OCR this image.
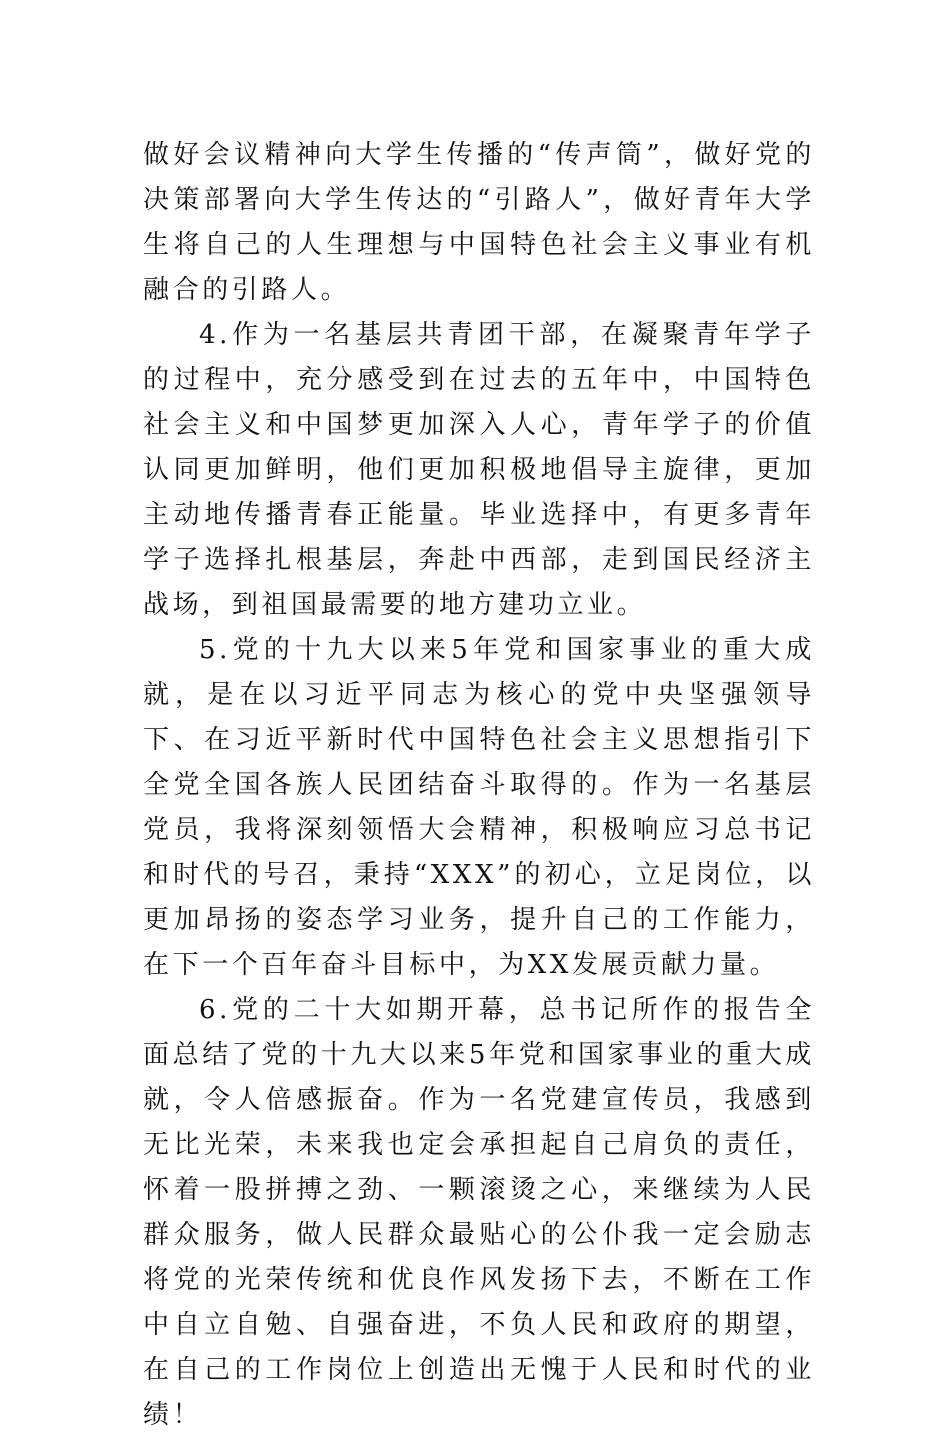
做好会议精神向大学生传播的“传声筒”，做好党的决策部署向大学生传达的“引路人”，做好青年大学生将自己的人生理想与中国特色社会主义事业有机融合的引路人。

4.作为一名基层共青团干部，在凝聚青年学子的过程中，充分感受到在过去的五年中，中国特色社会主义和中国梦更加深入人心，青年学子的价值认同更加鲜明，他们更加积极地倡导主旋律，更加主动地传播青春正能量。毕业选择中，有更多青年学子选择扎根基层，奔赴中西部，走到国民经济主战场，到祖国最需要的地方建功立业。

5.党的十九大以来5年党和国家事业的重大成就，是在以习近平同志为核心的党中央坚强领导下、在习近平新时代中国特色社会主义思想指引下全党全国各族人民团结奋斗取得的。作为一名基层党员，我将深刻领悟大会精神，积极响应习总书记和时代的号召，秉持“XXX”的初心，立足岗位，以更加昂扬的姿态学习业务，提升自己的工作能力，在下一个百年奋斗目标中，为XX发展贡献力量。

6.党的二十大如期开幕，总书记所作的报告全面总结了党的十九大以来5年党和国家事业的重大成就，令人倍感振奋。作为一名党建宣传员，我感到无比光荣，未来我也定会承担起自己肩负的责任，怀着一股拼搏之劲、一颗滚烫之心，来继续为人民群众服务，做人民群众最贴心的公仆我一定会励志将党的光荣传统和优良作风发扬下去，不断在工作中自立自勉、自强奋进，不负人民和政府的期望，在自己的工作岗位上创造出无愧于人民和时代的业绩！
